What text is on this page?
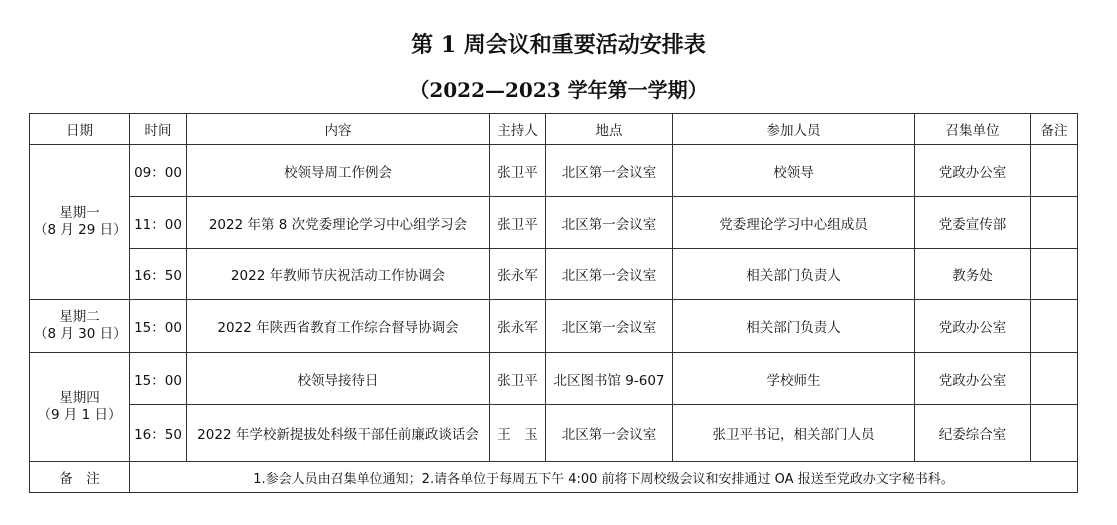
第 1 周会议和重要活动安排表
（2022—2023 学年第一学期）
日期	时间	内容	主持人	地点	参加人员	召集单位	备注

星期一
（8 月 29 日）	09：00	校领导周工作例会	张卫平	北区第一会议室	校领导	党政办公室	
	11：00	2022 年第 8 次党委理论学习中心组学习会	张卫平	北区第一会议室	党委理论学习中心组成员	党委宣传部	
	16：50	2022 年教师节庆祝活动工作协调会	张永军	北区第一会议室	相关部门负责人	教务处	

星期二
（8 月 30 日）	15：00	2022 年陕西省教育工作综合督导协调会	张永军	北区第一会议室	相关部门负责人	党政办公室	

星期四
（9 月 1 日）	15：00	校领导接待日	张卫平	北区图书馆 9-607	学校师生	党政办公室	
	16：50	2022 年学校新提拔处科级干部任前廉政谈话会	王　玉	北区第一会议室	张卫平书记，相关部门人员	纪委综合室	
备　注	1.参会人员由召集单位通知；2.请各单位于每周五下午 4:00 前将下周校级会议和安排通过 OA 报送至党政办文字秘书科。						
